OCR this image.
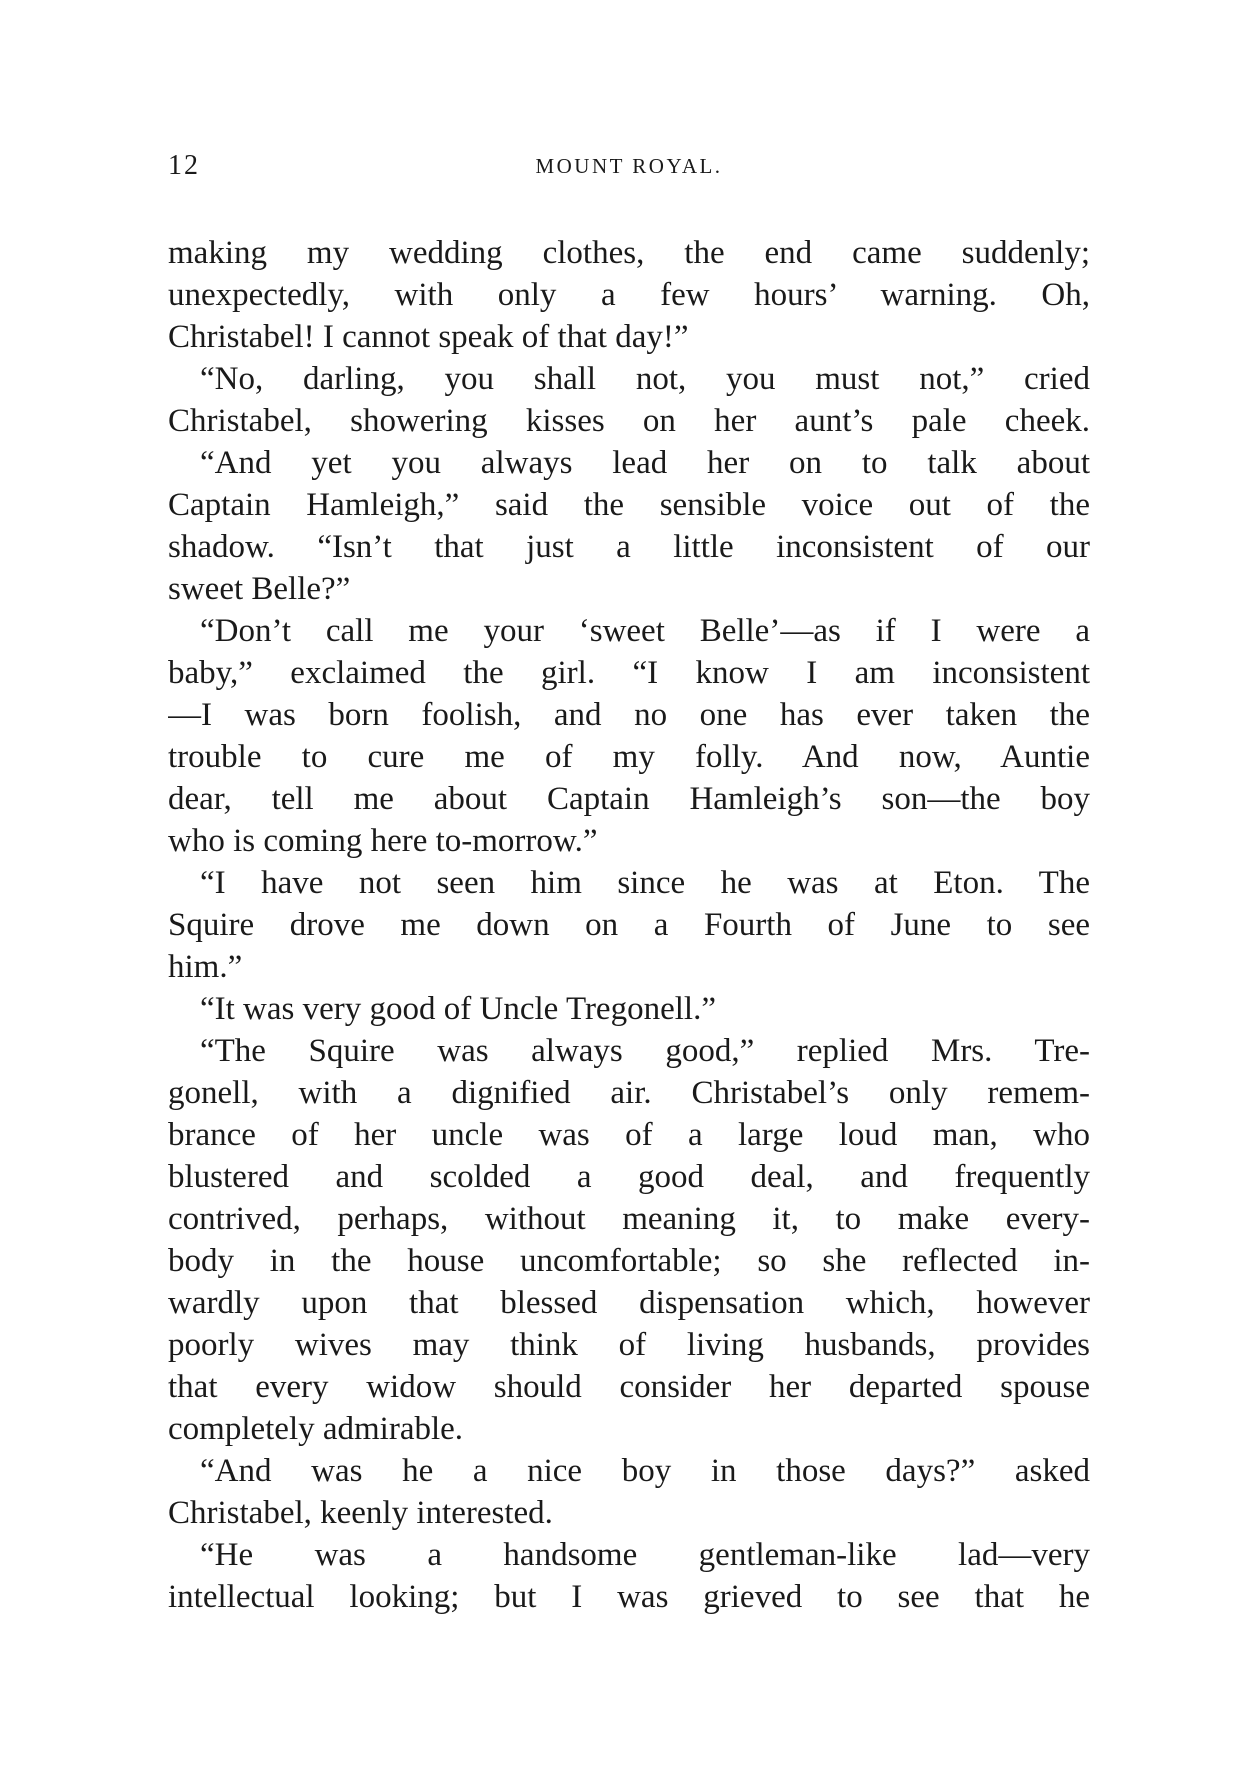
12	MOUNT ROYAL.
making my wedding clothes, the end came suddenly;
unexpectedly, with only a few hours’ warning. Oh,
Christabel! I cannot speak of that day!”
“No, darling, you shall not, you must not,” cried
Christabel, showering kisses on her aunt’s pale cheek.
“And yet you always lead her on to talk about
Captain Hamleigh,” said the sensible voice out of the
shadow. “Isn’t that just a little inconsistent of our
sweet Belle?”
“Don’t call me your ‘sweet Belle’—as if I were a
baby,” exclaimed the girl. “I know I am inconsistent
—I was born foolish, and no one has ever taken the
trouble to cure me of my folly. And now, Auntie
dear, tell me about Captain Hamleigh’s son—the boy
who is coming here to-morrow.”
“I have not seen him since he was at Eton. The
Squire drove me down on a Fourth of June to see
him.”
“It was very good of Uncle Tregonell.”
“The Squire was always good,” replied Mrs. Tre-
gonell, with a dignified air. Christabel’s only remem-
brance of her uncle was of a large loud man, who
blustered and scolded a good deal, and frequently
contrived, perhaps, without meaning it, to make every-
body in the house uncomfortable; so she reflected in-
wardly upon that blessed dispensation which, however
poorly wives may think of living husbands, provides
that every widow should consider her departed spouse
completely admirable.
“And was he a nice boy in those days?” asked
Christabel, keenly interested.
“He was a handsome gentleman-like lad—very
intellectual looking; but I was grieved to see that he
